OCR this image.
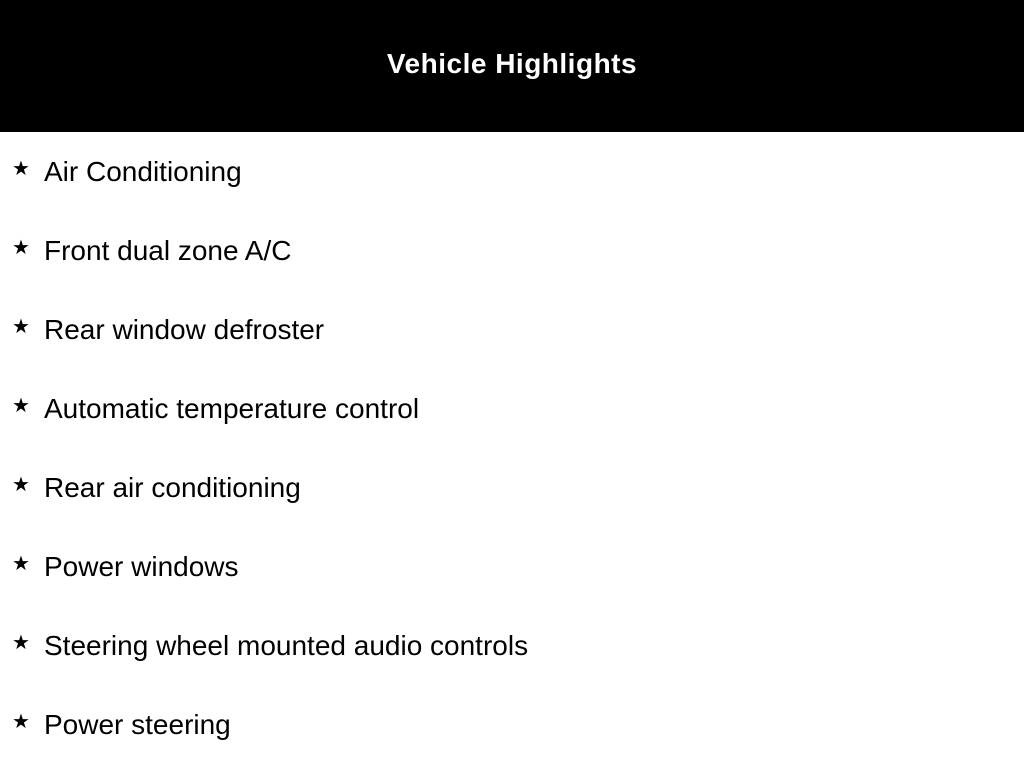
Vehicle Highlights
★ Air Conditioning
★ Front dual zone A/C
★ Rear window defroster
★ Automatic temperature control
★ Rear air conditioning
★ Power windows
★ Steering wheel mounted audio controls
★ Power steering
